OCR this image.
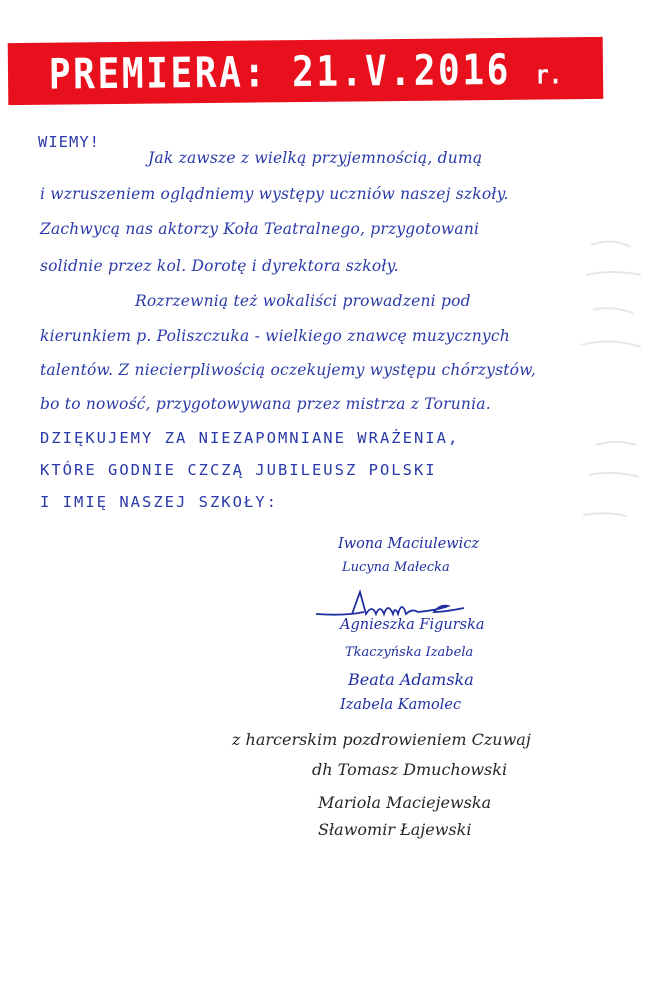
PREMIERA: 21.V.2016 r.
WIEMY!
Jak zawsze z wielką przyjemnością, dumą
i wzruszeniem oglądniemy występy uczniów naszej szkoły.
Zachwycą nas aktorzy Koła Teatralnego, przygotowani
solidnie przez kol. Dorotę i dyrektora szkoły.
Rozrzewnią też wokaliści prowadzeni pod
kierunkiem p. Poliszczuka - wielkiego znawcę muzycznych
talentów. Z niecierpliwością oczekujemy występu chórzystów,
bo to nowość, przygotowywana przez mistrza z Torunia.
DZIĘKUJEMY ZA NIEZAPOMNIANE WRAŻENIA,
KTÓRE GODNIE CZCZĄ JUBILEUSZ POLSKI
I IMIĘ NASZEJ SZKOŁY:
Iwona Maciulewicz
Lucyna Małecka
Agnieszka Figurska
Tkaczyńska Izabela
Beata Adamska
Izabela Kamolec
z harcerskim pozdrowieniem Czuwaj
dh Tomasz Dmuchowski
Mariola Maciejewska
Sławomir Łajewski
